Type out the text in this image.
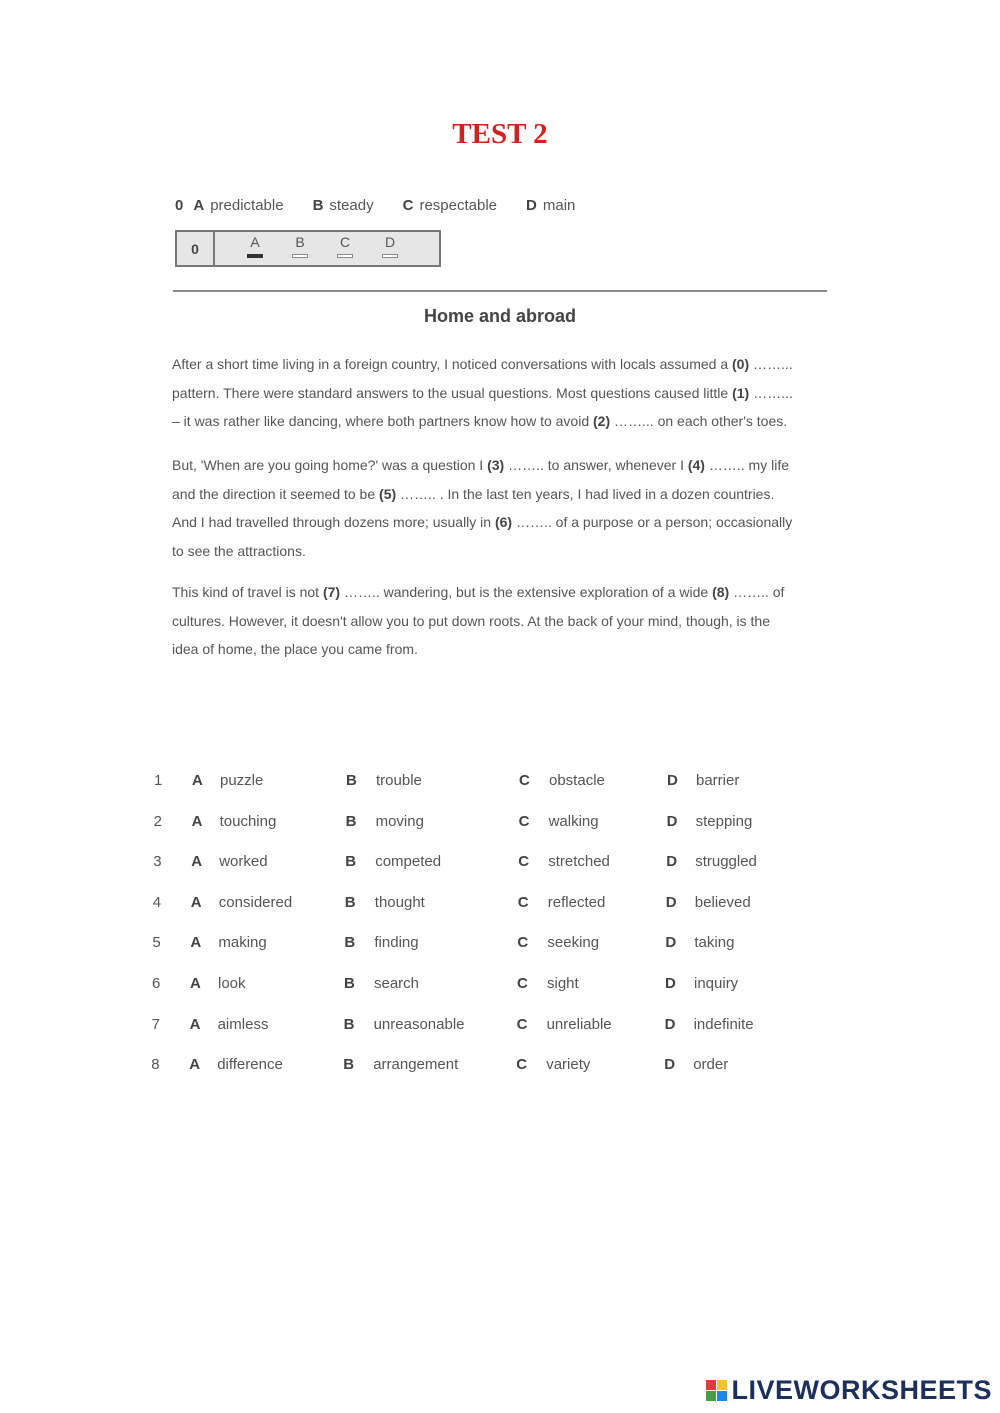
TEST 2
0 A predictable B steady C respectable D main
0	A	B	C	D
Home and abroad
After a short time living in a foreign country, I noticed conversations with locals assumed a (0) ……...
pattern. There were standard answers to the usual questions. Most questions caused little (1) ……...
– it was rather like dancing, where both partners know how to avoid (2) ……... on each other's toes.
But, 'When are you going home?' was a question I (3) …….. to answer, whenever I (4) …….. my life
and the direction it seemed to be (5) …….. . In the last ten years, I had lived in a dozen countries.
And I had travelled through dozens more; usually in (6) …….. of a purpose or a person; occasionally
to see the attractions.
This kind of travel is not (7) …….. wandering, but is the extensive exploration of a wide (8) …….. of
cultures. However, it doesn't allow you to put down roots. At the back of your mind, though, is the
idea of home, the place you came from.
1 A puzzle	B trouble	C obstacle	D barrier
2 A touching	B moving	C walking	D stepping
3 A worked	B competed	C stretched	D struggled
4 A considered	B thought	C reflected	D believed
5 A making	B finding	C seeking	D taking
6 A look	B search	C sight	D inquiry
7 A aimless	B unreasonable	C unreliable	D indefinite
8 A difference	B arrangement	C variety	D order
LIVEWORKSHEETS
